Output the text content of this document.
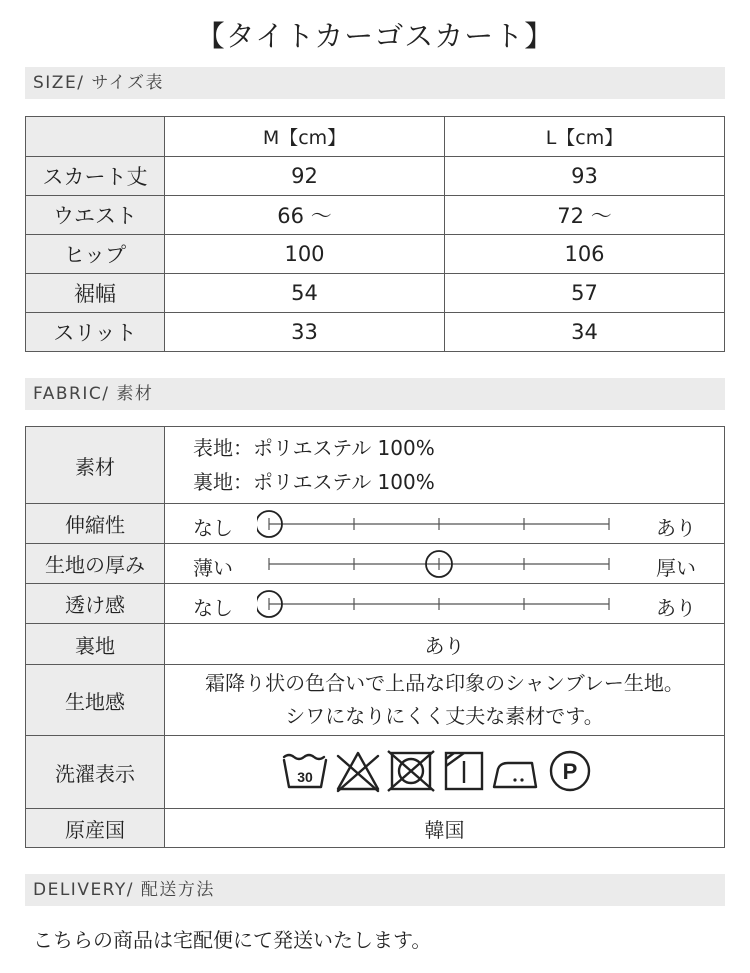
【タイトカーゴスカート】
SIZE/ サイズ表
	M【cm】	L【cm】
スカート丈	92	93
ウエスト	66 ～	72 ～
ヒップ	100	106
裾幅	54	57
スリット	33	34
FABRIC/ 素材
素材	表地：ポリエステル 100%
裏地：ポリエステル 100%

伸縮性	なし あり

生地の厚み	薄い 厚い

透け感	なし あり

裏地	あり
生地感	霜降り状の色合いで上品な印象のシャンブレー生地。
シワになりにくく丈夫な素材です。

洗濯表示	30 P

原産国	韓国
DELIVERY/ 配送方法
こちらの商品は宅配便にて発送いたします。
